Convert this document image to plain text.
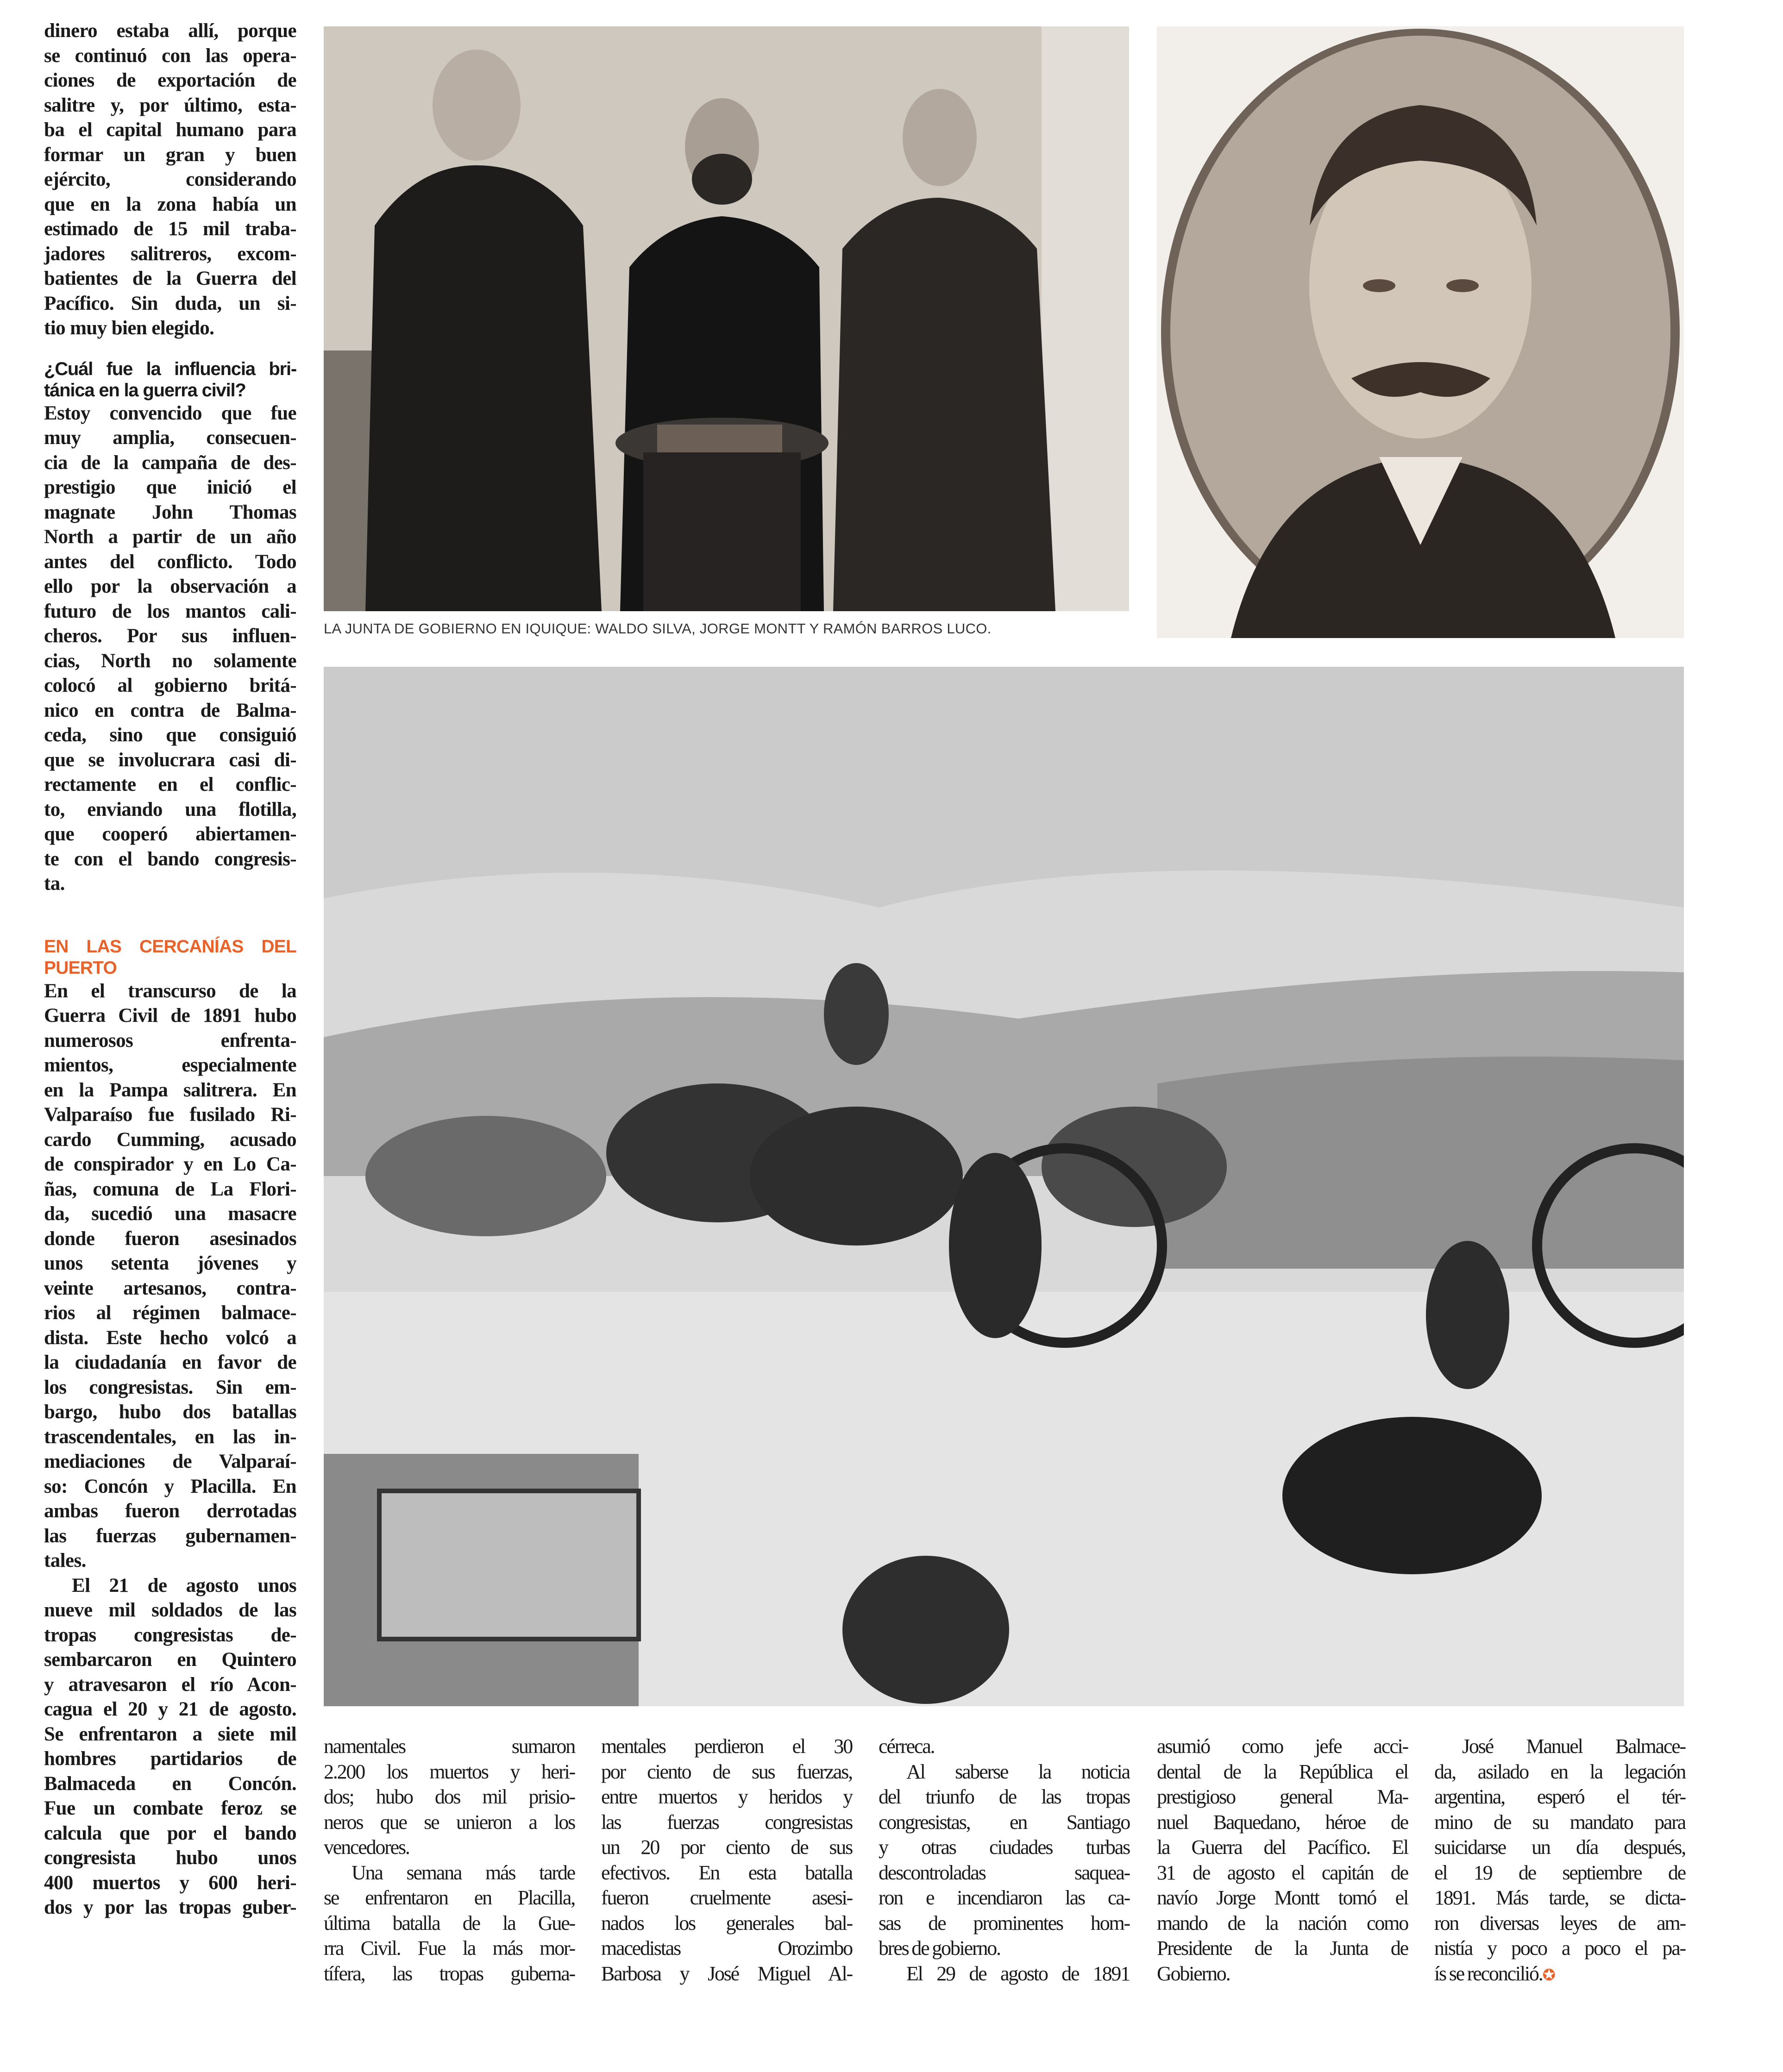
dinero estaba allí, porque
se continuó con las opera-
ciones de exportación de
salitre y, por último, esta-
ba el capital humano para
formar un gran y buen
ejército, considerando
que en la zona había un
estimado de 15 mil traba-
jadores salitreros, excom-
batientes de la Guerra del
Pacífico. Sin duda, un si-
tio muy bien elegido.
¿Cuál fue la influencia bri-
tánica en la guerra civil?
Estoy convencido que fue
muy amplia, consecuen-
cia de la campaña de des-
prestigio que inició el
magnate John Thomas
North a partir de un año
antes del conflicto. Todo
ello por la observación a
futuro de los mantos cali-
cheros. Por sus influen-
cias, North no solamente
colocó al gobierno britá-
nico en contra de Balma-
ceda, sino que consiguió
que se involucrara casi di-
rectamente en el conflic-
to, enviando una flotilla,
que cooperó abiertamen-
te con el bando congresis-
ta.
EN LAS CERCANÍAS DEL
PUERTO
En el transcurso de la
Guerra Civil de 1891 hubo
numerosos enfrenta-
mientos, especialmente
en la Pampa salitrera. En
Valparaíso fue fusilado Ri-
cardo Cumming, acusado
de conspirador y en Lo Ca-
ñas, comuna de La Flori-
da, sucedió una masacre
donde fueron asesinados
unos setenta jóvenes y
veinte artesanos, contra-
rios al régimen balmace-
dista. Este hecho volcó a
la ciudadanía en favor de
los congresistas. Sin em-
bargo, hubo dos batallas
trascendentales, en las in-
mediaciones de Valparaí-
so: Concón y Placilla. En
ambas fueron derrotadas
las fuerzas gubernamen-
tales.
El 21 de agosto unos
nueve mil soldados de las
tropas congresistas de-
sembarcaron en Quintero
y atravesaron el río Acon-
cagua el 20 y 21 de agosto.
Se enfrentaron a siete mil
hombres partidarios de
Balmaceda en Concón.
Fue un combate feroz se
calcula que por el bando
congresista hubo unos
400 muertos y 600 heri-
dos y por las tropas guber-
LA JUNTA DE GOBIERNO EN IQUIQUE: WALDO SILVA, JORGE MONTT Y RAMÓN BARROS LUCO.
namentales sumaron
2.200 los muertos y heri-
dos; hubo dos mil prisio-
neros que se unieron a los
vencedores.
Una semana más tarde
se enfrentaron en Placilla,
última batalla de la Gue-
rra Civil. Fue la más mor-
tífera, las tropas guberna-
mentales perdieron el 30
por ciento de sus fuerzas,
entre muertos y heridos y
las fuerzas congresistas
un 20 por ciento de sus
efectivos. En esta batalla
fueron cruelmente asesi-
nados los generales bal-
macedistas Orozimbo
Barbosa y José Miguel Al-
cérreca.
Al saberse la noticia
del triunfo de las tropas
congresistas, en Santiago
y otras ciudades turbas
descontroladas saquea-
ron e incendiaron las ca-
sas de prominentes hom-
bres de gobierno.
El 29 de agosto de 1891
asumió como jefe acci-
dental de la República el
prestigioso general Ma-
nuel Baquedano, héroe de
la Guerra del Pacífico. El
31 de agosto el capitán de
navío Jorge Montt tomó el
mando de la nación como
Presidente de la Junta de
Gobierno.
José Manuel Balmace-
da, asilado en la legación
argentina, esperó el tér-
mino de su mandato para
suicidarse un día después,
el 19 de septiembre de
1891. Más tarde, se dicta-
ron diversas leyes de am-
nistía y poco a poco el pa-
ís se reconcilió.✪
